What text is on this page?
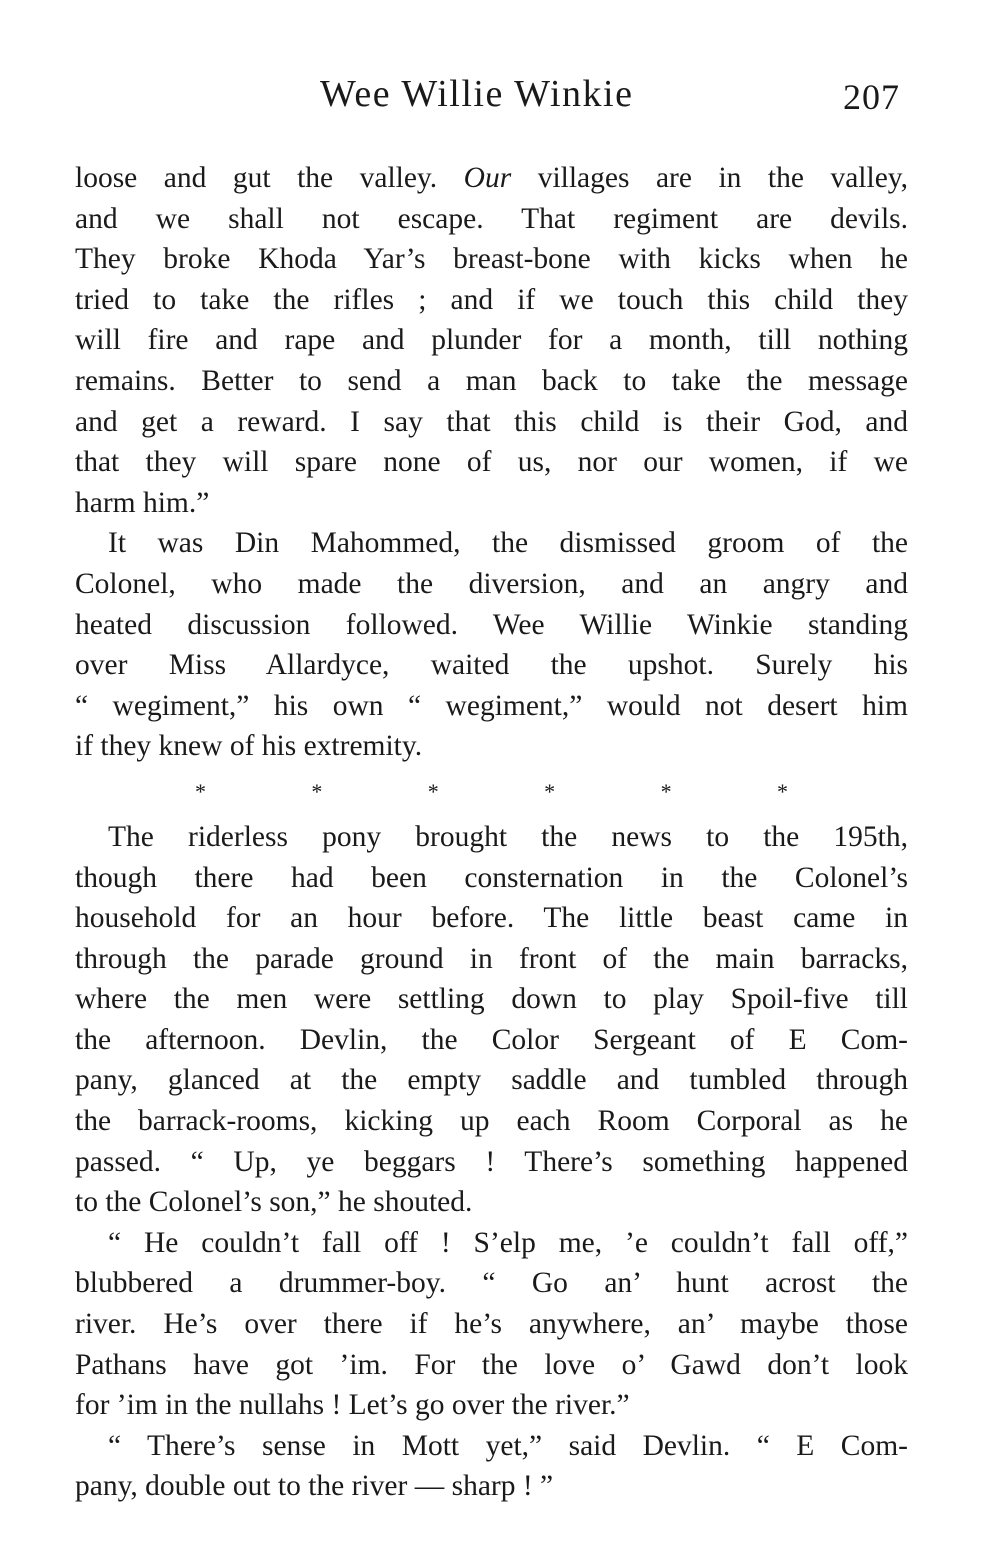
Wee Willie Winkie	207
loose and gut the valley. Our villages are in the valley,
and we shall not escape. That regiment are devils.
They broke Khoda Yar’s breast-bone with kicks when he
tried to take the rifles ; and if we touch this child they
will fire and rape and plunder for a month, till nothing
remains. Better to send a man back to take the message
and get a reward. I say that this child is their God, and
that they will spare none of us, nor our women, if we
harm him.”
It was Din Mahommed, the dismissed groom of the
Colonel, who made the diversion, and an angry and
heated discussion followed. Wee Willie Winkie standing
over Miss Allardyce, waited the upshot. Surely his
“ wegiment,” his own “ wegiment,” would not desert him
if they knew of his extremity.
*	*	*	*	*	*
The riderless pony brought the news to the 195th,
though there had been consternation in the Colonel’s
household for an hour before. The little beast came in
through the parade ground in front of the main barracks,
where the men were settling down to play Spoil-five till
the afternoon. Devlin, the Color Sergeant of E Com-
pany, glanced at the empty saddle and tumbled through
the barrack-rooms, kicking up each Room Corporal as he
passed. “ Up, ye beggars ! There’s something happened
to the Colonel’s son,” he shouted.
“ He couldn’t fall off ! S’elp me, ’e couldn’t fall off,”
blubbered a drummer-boy. “ Go an’ hunt acrost the
river. He’s over there if he’s anywhere, an’ maybe those
Pathans have got ’im. For the love o’ Gawd don’t look
for ’im in the nullahs ! Let’s go over the river.”
“ There’s sense in Mott yet,” said Devlin. “ E Com-
pany, double out to the river — sharp ! ”
